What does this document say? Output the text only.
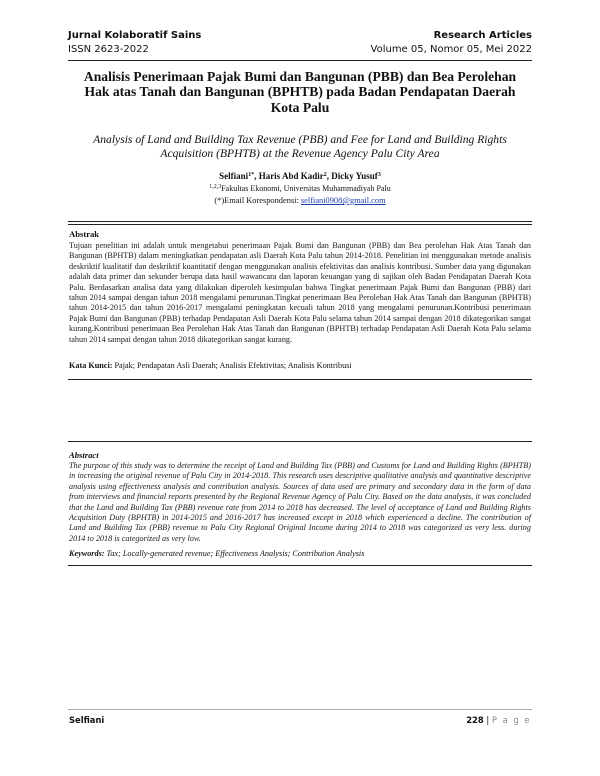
Jurnal Kolaboratif Sains	Research Articles
ISSN 2623-2022	Volume 05, Nomor 05, Mei 2022
Analisis Penerimaan Pajak Bumi dan Bangunan (PBB) dan Bea Perolehan Hak atas Tanah dan Bangunan (BPHTB) pada Badan Pendapatan Daerah Kota Palu
Analysis of Land and Building Tax Revenue (PBB) and Fee for Land and Building Rights Acquisition (BPHTB) at the Revenue Agency Palu City Area
Selfiani$^{1*}$, Haris Abd Kadir$^2$, Dicky Yusuf$^3$
$^{1,2,3}$Fakultas Ekonomi, Universitas Muhammadiyah Palu
(*)Email Korespondensi: selfiani0908@gmail.com
Abstrak
Tujuan penelitian ini adalah untuk mengetahui penerimaan Pajak Bumi dan Bangunan (PBB) dan Bea perolehan Hak Atas Tanah dan Bangunan (BPHTB) dalam meningkatkan pendapatan asli Daerah Kota Palu tahun 2014-2018. Penelitian ini menggunakan metode analisis deskriktif kualitatif dan deskriktif kuantitatif dengan menggunakan analisis efektivitas dan analisis kontribusi. Sumber data yang digunakan adalah data primer dan sekunder berupa data hasil wawancara dan laporan keuangan yang di sajikan oleh Badan Pendapatan Daerah Kota Palu. Berdasarkan analisa data yang dilakukan diperoleh kesimpulan bahwa Tingkat penerimaan Pajak Bumi dan Bangunan (PBB) dari tahun 2014 sampai dengan tahun 2018 mengalami penurunan.Tingkat penerimaan Bea Perolehan Hak Atas Tanah dan Bangunan (BPHTB) tahun 2014-2015 dan tahun 2016-2017 mengalami peningkatan kecuali tahun 2018 yang mengalami penurunan.Kontribusi penerimaan Pajak Bumi dan Bangunan (PBB) terhadap Pendapatan Asli Daerah Kota Palu selama tahun 2014 sampai dengan 2018 dikategorikan sangat kurang.Kontribusi penerimaan Bea Perolehan Hak Atas Tanah dan Bangunan (BPHTB) terhadap Pendapatan Asli Daerah Kota Palu selama tahun 2014 sampai dengan tahun 2018 dikategorikan sangat kurang.
Kata Kunci: Pajak; Pendapatan Asli Daerah; Analisis Efektivitas; Analisis Kontribusi
Abstract
The purpose of this study was to determine the receipt of Land and Building Tax (PBB) and Customs for Land and Building Rights (BPHTB) in increasing the original revenue of Palu City in 2014-2018. This research uses descriptive qualitative analysis and quantitative descriptive analysis using effectiveness analysis and contribution analysis. Sources of data used are primary and secondary data in the form of data from interviews and financial reports presented by the Regional Revenue Agency of Palu City. Based on the data analysis, it was concluded that the Land and Building Tax (PBB) revenue rate from 2014 to 2018 has decreased. The level of acceptance of Land and Building Rights Acquisition Duty (BPHTB) in 2014-2015 and 2016-2017 has increased except in 2018 which experienced a decline. The contribution of Land and Building Tax (PBB) revenue to Palu City Regional Original Income during 2014 to 2018 was categorized as very less. during 2014 to 2018 is categorized as very low.
Keywords: Tax; Locally-generated revenue; Effectiveness Analysis; Contribution Analysis
Selfiani	228 | P a g e
